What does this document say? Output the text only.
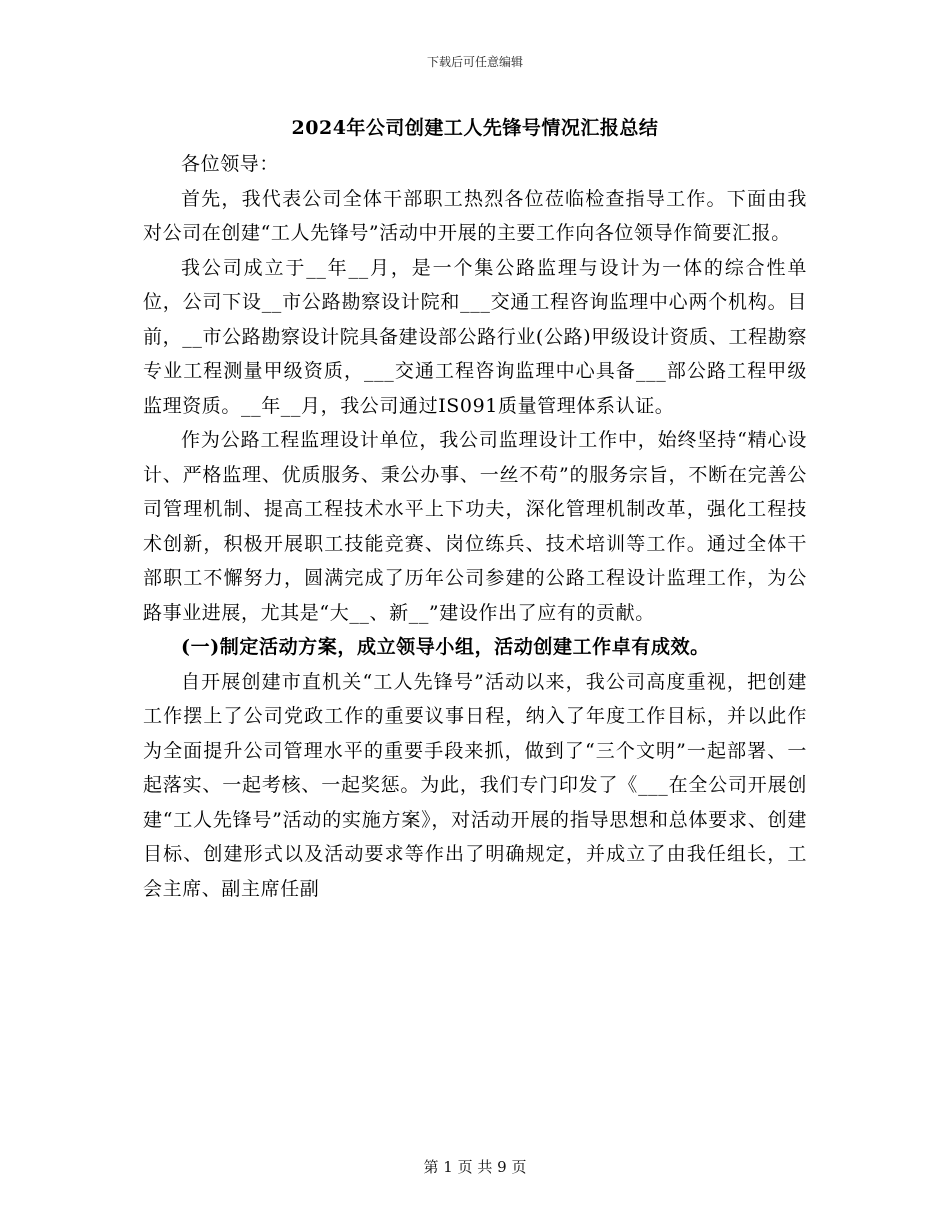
下载后可任意编辑
2024年公司创建工人先锋号情况汇报总结

各位领导：

首先，我代表公司全体干部职工热烈各位莅临检查指导工作。下面由我对公司在创建“工人先锋号”活动中开展的主要工作向各位领导作简要汇报。

我公司成立于__年__月，是一个集公路监理与设计为一体的综合性单位，公司下设__市公路勘察设计院和___交通工程咨询监理中心两个机构。目前，__市公路勘察设计院具备建设部公路行业(公路)甲级设计资质、工程勘察专业工程测量甲级资质，___交通工程咨询监理中心具备___部公路工程甲级监理资质。__年__月，我公司通过IS091质量管理体系认证。

作为公路工程监理设计单位，我公司监理设计工作中，始终坚持“精心设计、严格监理、优质服务、秉公办事、一丝不苟”的服务宗旨，不断在完善公司管理机制、提高工程技术水平上下功夫，深化管理机制改革，强化工程技术创新，积极开展职工技能竞赛、岗位练兵、技术培训等工作。通过全体干部职工不懈努力，圆满完成了历年公司参建的公路工程设计监理工作，为公路事业进展，尤其是“大__、新__”建设作出了应有的贡献。

(一)制定活动方案，成立领导小组，活动创建工作卓有成效。

自开展创建市直机关“工人先锋号”活动以来，我公司高度重视，把创建工作摆上了公司党政工作的重要议事日程，纳入了年度工作目标，并以此作为全面提升公司管理水平的重要手段来抓，做到了“三个文明”一起部署、一起落实、一起考核、一起奖惩。为此，我们专门印发了《___在全公司开展创建“工人先锋号”活动的实施方案》，对活动开展的指导思想和总体要求、创建目标、创建形式以及活动要求等作出了明确规定，并成立了由我任组长，工会主席、副主席任副

第 1 页 共 9 页
